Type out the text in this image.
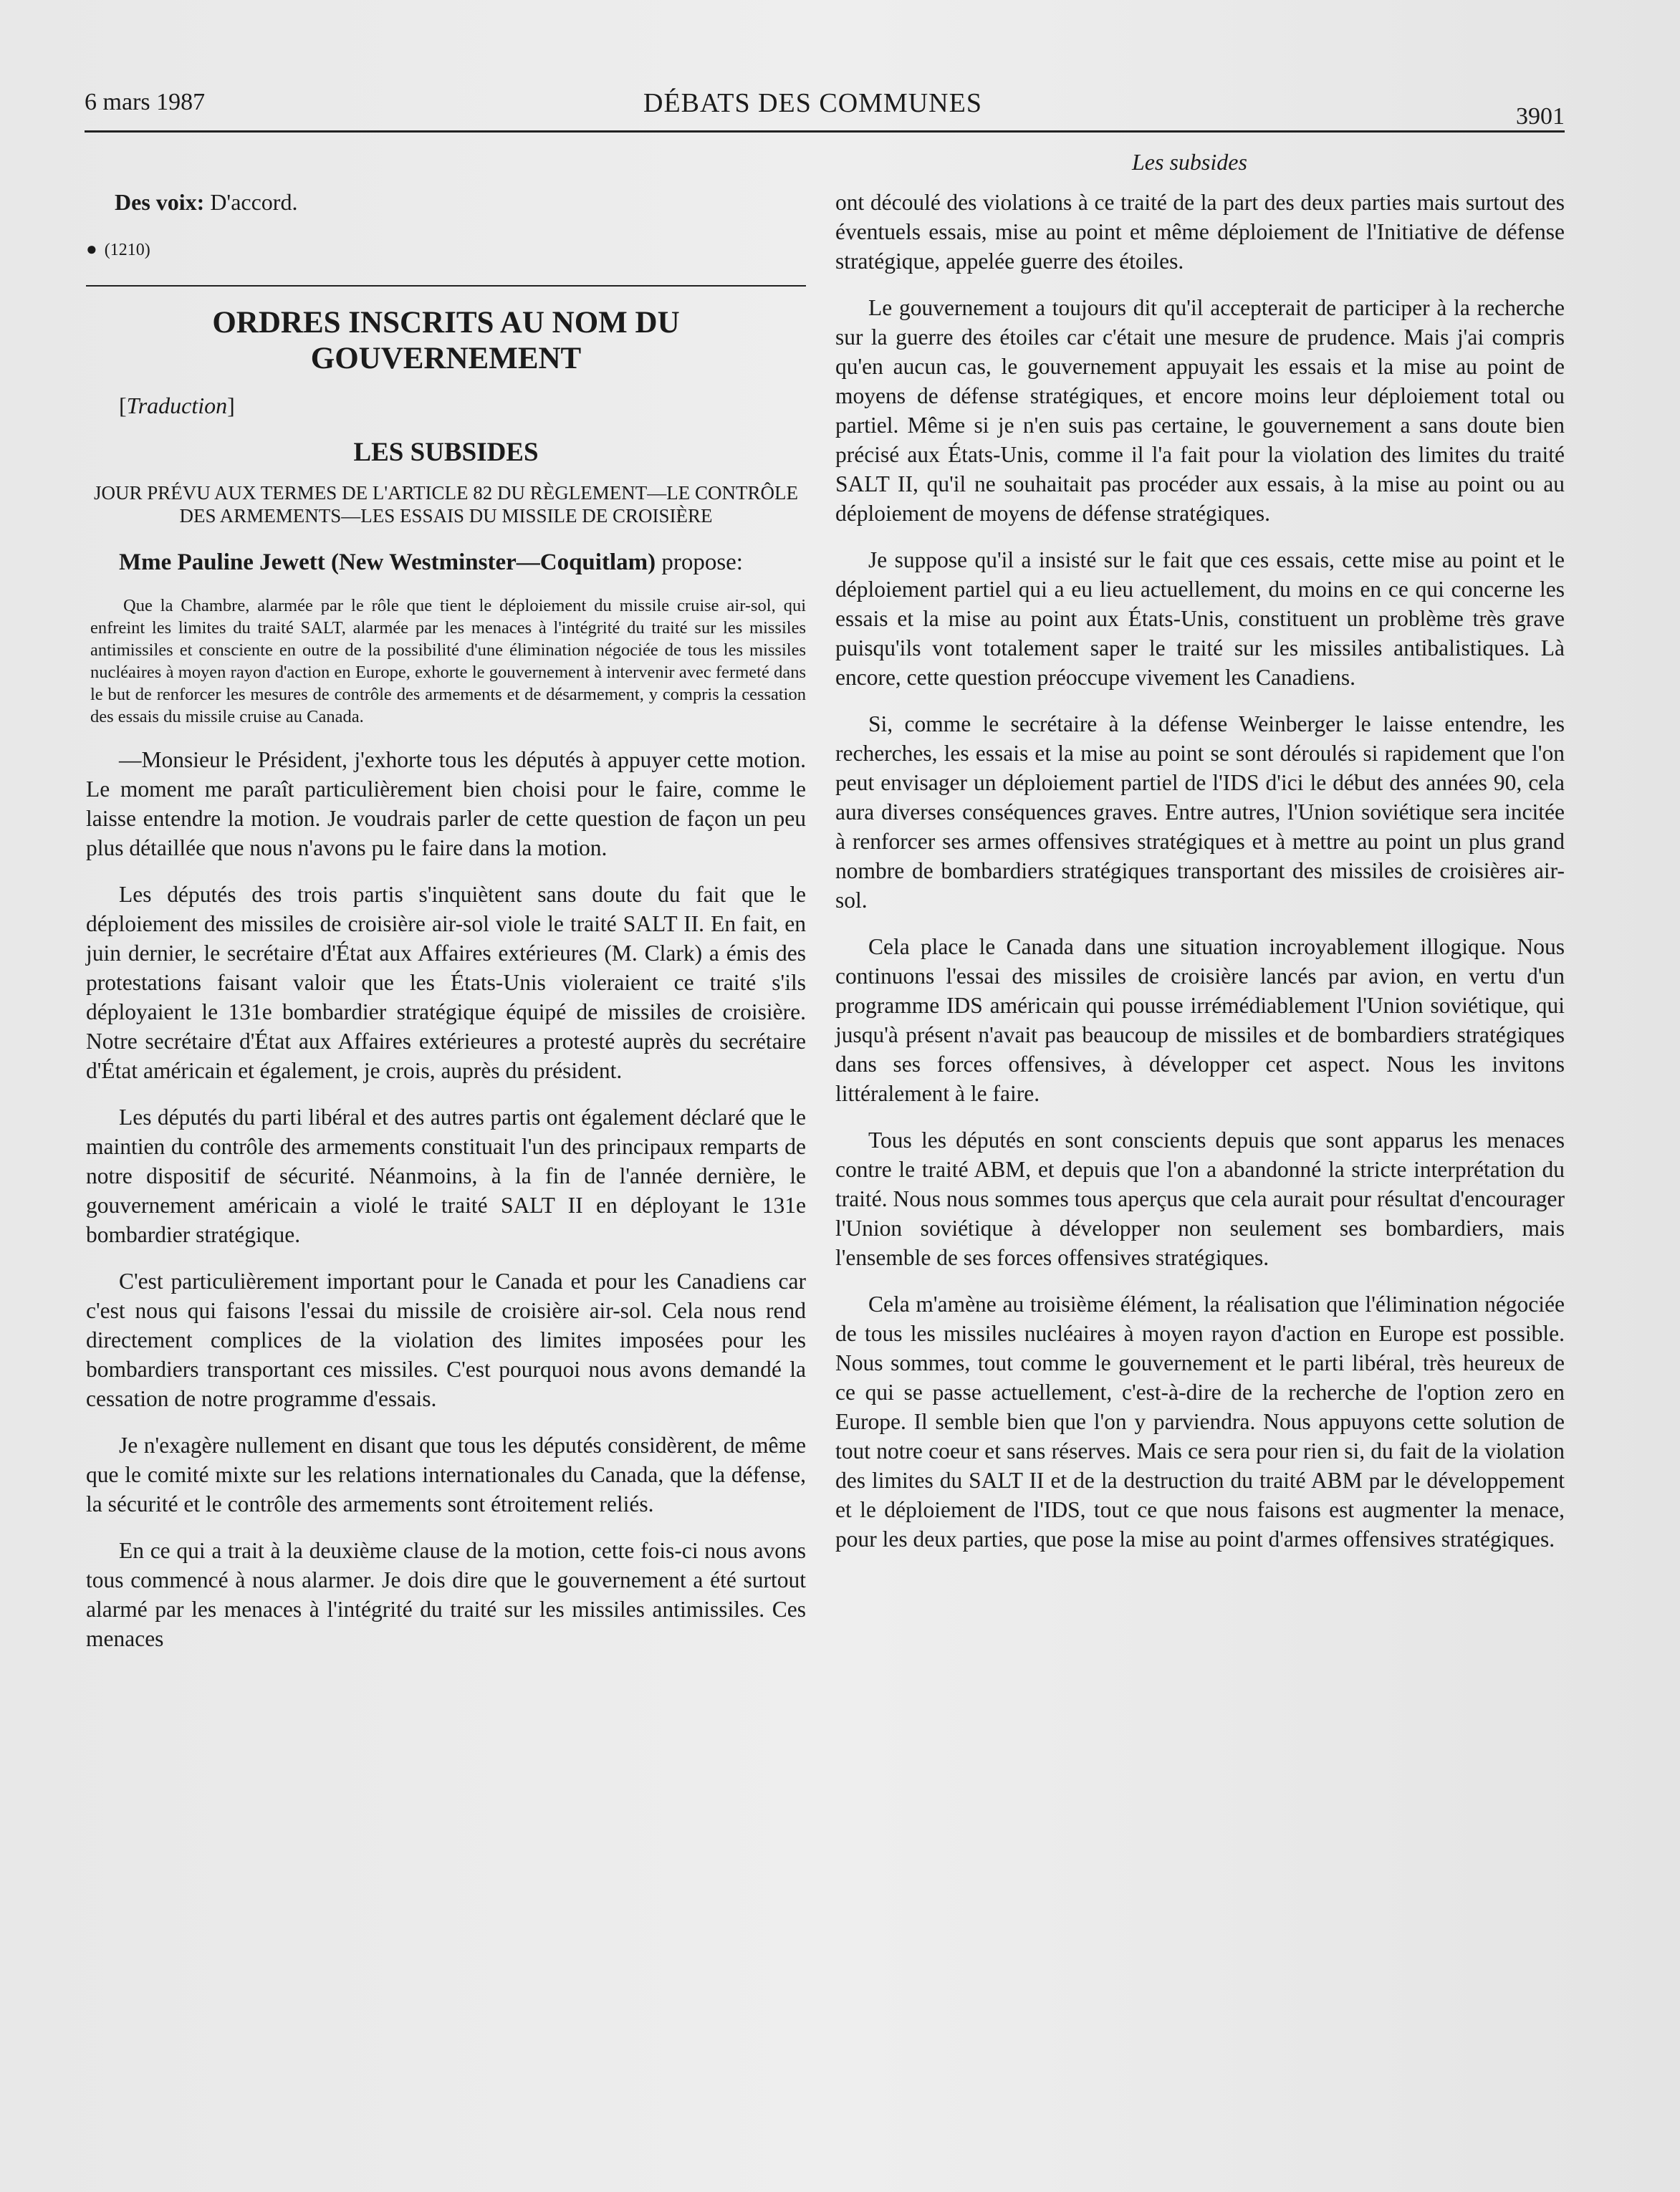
6 mars 1987	DÉBATS DES COMMUNES	3901
Les subsides

Des voix: D'accord.

● (1210)
ORDRES INSCRITS AU NOM DU GOUVERNEMENT

[Traduction]

LES SUBSIDES
JOUR PRÉVU AUX TERMES DE L'ARTICLE 82 DU RÈGLEMENT—LE CONTRÔLE DES ARMEMENTS—LES ESSAIS DU MISSILE DE CROISIÈRE

Mme Pauline Jewett (New Westminster—Coquitlam) propose:

Que la Chambre, alarmée par le rôle que tient le déploiement du missile cruise air-sol, qui enfreint les limites du traité SALT, alarmée par les menaces à l'intégrité du traité sur les missiles antimissiles et consciente en outre de la possibilité d'une élimination négociée de tous les missiles nucléaires à moyen rayon d'action en Europe, exhorte le gouvernement à intervenir avec fermeté dans le but de renforcer les mesures de contrôle des armements et de désarmement, y compris la cessation des essais du missile cruise au Canada.

—Monsieur le Président, j'exhorte tous les députés à appuyer cette motion. Le moment me paraît particulièrement bien choisi pour le faire, comme le laisse entendre la motion. Je voudrais parler de cette question de façon un peu plus détaillée que nous n'avons pu le faire dans la motion.

Les députés des trois partis s'inquiètent sans doute du fait que le déploiement des missiles de croisière air-sol viole le traité SALT II. En fait, en juin dernier, le secrétaire d'État aux Affaires extérieures (M. Clark) a émis des protestations faisant valoir que les États-Unis violeraient ce traité s'ils déployaient le 131e bombardier stratégique équipé de missiles de croisière. Notre secrétaire d'État aux Affaires extérieures a protesté auprès du secrétaire d'État américain et également, je crois, auprès du président.

Les députés du parti libéral et des autres partis ont également déclaré que le maintien du contrôle des armements constituait l'un des principaux remparts de notre dispositif de sécurité. Néanmoins, à la fin de l'année dernière, le gouvernement américain a violé le traité SALT II en déployant le 131e bombardier stratégique.

C'est particulièrement important pour le Canada et pour les Canadiens car c'est nous qui faisons l'essai du missile de croisière air-sol. Cela nous rend directement complices de la violation des limites imposées pour les bombardiers transportant ces missiles. C'est pourquoi nous avons demandé la cessation de notre programme d'essais.

Je n'exagère nullement en disant que tous les députés considèrent, de même que le comité mixte sur les relations internationales du Canada, que la défense, la sécurité et le contrôle des armements sont étroitement reliés.

En ce qui a trait à la deuxième clause de la motion, cette fois-ci nous avons tous commencé à nous alarmer. Je dois dire que le gouvernement a été surtout alarmé par les menaces à l'intégrité du traité sur les missiles antimissiles. Ces menaces

ont découlé des violations à ce traité de la part des deux parties mais surtout des éventuels essais, mise au point et même déploiement de l'Initiative de défense stratégique, appelée guerre des étoiles.

Le gouvernement a toujours dit qu'il accepterait de participer à la recherche sur la guerre des étoiles car c'était une mesure de prudence. Mais j'ai compris qu'en aucun cas, le gouvernement appuyait les essais et la mise au point de moyens de défense stratégiques, et encore moins leur déploiement total ou partiel. Même si je n'en suis pas certaine, le gouvernement a sans doute bien précisé aux États-Unis, comme il l'a fait pour la violation des limites du traité SALT II, qu'il ne souhaitait pas procéder aux essais, à la mise au point ou au déploiement de moyens de défense stratégiques.

Je suppose qu'il a insisté sur le fait que ces essais, cette mise au point et le déploiement partiel qui a eu lieu actuellement, du moins en ce qui concerne les essais et la mise au point aux États-Unis, constituent un problème très grave puisqu'ils vont totalement saper le traité sur les missiles antibalistiques. Là encore, cette question préoccupe vivement les Canadiens.

Si, comme le secrétaire à la défense Weinberger le laisse entendre, les recherches, les essais et la mise au point se sont déroulés si rapidement que l'on peut envisager un déploiement partiel de l'IDS d'ici le début des années 90, cela aura diverses conséquences graves. Entre autres, l'Union soviétique sera incitée à renforcer ses armes offensives stratégiques et à mettre au point un plus grand nombre de bombardiers stratégiques transportant des missiles de croisières air-sol.

Cela place le Canada dans une situation incroyablement illogique. Nous continuons l'essai des missiles de croisière lancés par avion, en vertu d'un programme IDS américain qui pousse irrémédiablement l'Union soviétique, qui jusqu'à présent n'avait pas beaucoup de missiles et de bombardiers stratégiques dans ses forces offensives, à développer cet aspect. Nous les invitons littéralement à le faire.

Tous les députés en sont conscients depuis que sont apparus les menaces contre le traité ABM, et depuis que l'on a abandonné la stricte interprétation du traité. Nous nous sommes tous aperçus que cela aurait pour résultat d'encourager l'Union soviétique à développer non seulement ses bombardiers, mais l'ensemble de ses forces offensives stratégiques.

Cela m'amène au troisième élément, la réalisation que l'élimination négociée de tous les missiles nucléaires à moyen rayon d'action en Europe est possible. Nous sommes, tout comme le gouvernement et le parti libéral, très heureux de ce qui se passe actuellement, c'est-à-dire de la recherche de l'option zero en Europe. Il semble bien que l'on y parviendra. Nous appuyons cette solution de tout notre coeur et sans réserves. Mais ce sera pour rien si, du fait de la violation des limites du SALT II et de la destruction du traité ABM par le développement et le déploiement de l'IDS, tout ce que nous faisons est augmenter la menace, pour les deux parties, que pose la mise au point d'armes offensives stratégiques.
